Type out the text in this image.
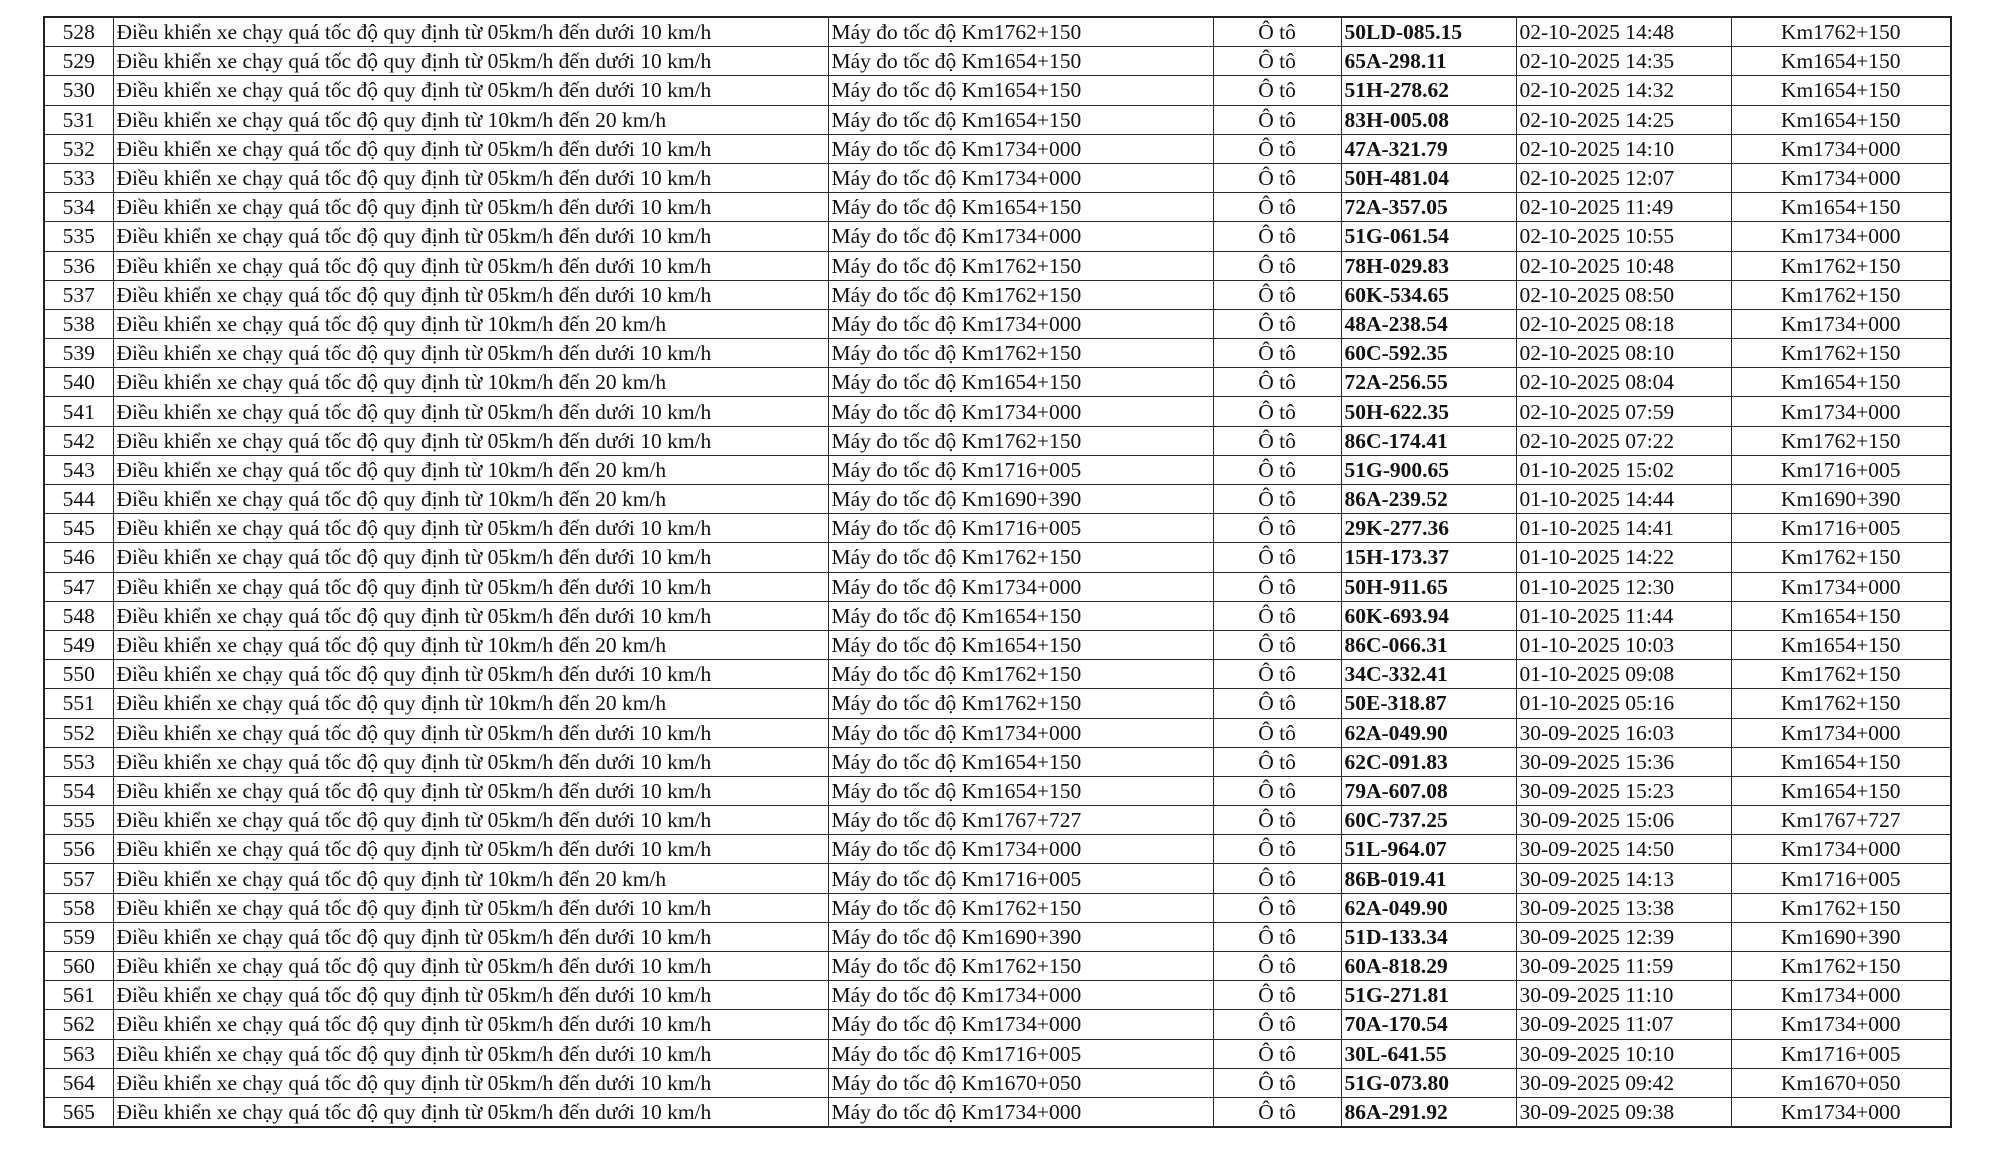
528	Điều khiển xe chạy quá tốc độ quy định từ 05km/h đến dưới 10 km/h	Máy đo tốc độ Km1762+150	Ô tô	50LD-085.15	02-10-2025 14:48	Km1762+150
529	Điều khiển xe chạy quá tốc độ quy định từ 05km/h đến dưới 10 km/h	Máy đo tốc độ Km1654+150	Ô tô	65A-298.11	02-10-2025 14:35	Km1654+150
530	Điều khiển xe chạy quá tốc độ quy định từ 05km/h đến dưới 10 km/h	Máy đo tốc độ Km1654+150	Ô tô	51H-278.62	02-10-2025 14:32	Km1654+150
531	Điều khiển xe chạy quá tốc độ quy định từ 10km/h đến 20 km/h	Máy đo tốc độ Km1654+150	Ô tô	83H-005.08	02-10-2025 14:25	Km1654+150
532	Điều khiển xe chạy quá tốc độ quy định từ 05km/h đến dưới 10 km/h	Máy đo tốc độ Km1734+000	Ô tô	47A-321.79	02-10-2025 14:10	Km1734+000
533	Điều khiển xe chạy quá tốc độ quy định từ 05km/h đến dưới 10 km/h	Máy đo tốc độ Km1734+000	Ô tô	50H-481.04	02-10-2025 12:07	Km1734+000
534	Điều khiển xe chạy quá tốc độ quy định từ 05km/h đến dưới 10 km/h	Máy đo tốc độ Km1654+150	Ô tô	72A-357.05	02-10-2025 11:49	Km1654+150
535	Điều khiển xe chạy quá tốc độ quy định từ 05km/h đến dưới 10 km/h	Máy đo tốc độ Km1734+000	Ô tô	51G-061.54	02-10-2025 10:55	Km1734+000
536	Điều khiển xe chạy quá tốc độ quy định từ 05km/h đến dưới 10 km/h	Máy đo tốc độ Km1762+150	Ô tô	78H-029.83	02-10-2025 10:48	Km1762+150
537	Điều khiển xe chạy quá tốc độ quy định từ 05km/h đến dưới 10 km/h	Máy đo tốc độ Km1762+150	Ô tô	60K-534.65	02-10-2025 08:50	Km1762+150
538	Điều khiển xe chạy quá tốc độ quy định từ 10km/h đến 20 km/h	Máy đo tốc độ Km1734+000	Ô tô	48A-238.54	02-10-2025 08:18	Km1734+000
539	Điều khiển xe chạy quá tốc độ quy định từ 05km/h đến dưới 10 km/h	Máy đo tốc độ Km1762+150	Ô tô	60C-592.35	02-10-2025 08:10	Km1762+150
540	Điều khiển xe chạy quá tốc độ quy định từ 10km/h đến 20 km/h	Máy đo tốc độ Km1654+150	Ô tô	72A-256.55	02-10-2025 08:04	Km1654+150
541	Điều khiển xe chạy quá tốc độ quy định từ 05km/h đến dưới 10 km/h	Máy đo tốc độ Km1734+000	Ô tô	50H-622.35	02-10-2025 07:59	Km1734+000
542	Điều khiển xe chạy quá tốc độ quy định từ 05km/h đến dưới 10 km/h	Máy đo tốc độ Km1762+150	Ô tô	86C-174.41	02-10-2025 07:22	Km1762+150
543	Điều khiển xe chạy quá tốc độ quy định từ 10km/h đến 20 km/h	Máy đo tốc độ Km1716+005	Ô tô	51G-900.65	01-10-2025 15:02	Km1716+005
544	Điều khiển xe chạy quá tốc độ quy định từ 10km/h đến 20 km/h	Máy đo tốc độ Km1690+390	Ô tô	86A-239.52	01-10-2025 14:44	Km1690+390
545	Điều khiển xe chạy quá tốc độ quy định từ 05km/h đến dưới 10 km/h	Máy đo tốc độ Km1716+005	Ô tô	29K-277.36	01-10-2025 14:41	Km1716+005
546	Điều khiển xe chạy quá tốc độ quy định từ 05km/h đến dưới 10 km/h	Máy đo tốc độ Km1762+150	Ô tô	15H-173.37	01-10-2025 14:22	Km1762+150
547	Điều khiển xe chạy quá tốc độ quy định từ 05km/h đến dưới 10 km/h	Máy đo tốc độ Km1734+000	Ô tô	50H-911.65	01-10-2025 12:30	Km1734+000
548	Điều khiển xe chạy quá tốc độ quy định từ 05km/h đến dưới 10 km/h	Máy đo tốc độ Km1654+150	Ô tô	60K-693.94	01-10-2025 11:44	Km1654+150
549	Điều khiển xe chạy quá tốc độ quy định từ 10km/h đến 20 km/h	Máy đo tốc độ Km1654+150	Ô tô	86C-066.31	01-10-2025 10:03	Km1654+150
550	Điều khiển xe chạy quá tốc độ quy định từ 05km/h đến dưới 10 km/h	Máy đo tốc độ Km1762+150	Ô tô	34C-332.41	01-10-2025 09:08	Km1762+150
551	Điều khiển xe chạy quá tốc độ quy định từ 10km/h đến 20 km/h	Máy đo tốc độ Km1762+150	Ô tô	50E-318.87	01-10-2025 05:16	Km1762+150
552	Điều khiển xe chạy quá tốc độ quy định từ 05km/h đến dưới 10 km/h	Máy đo tốc độ Km1734+000	Ô tô	62A-049.90	30-09-2025 16:03	Km1734+000
553	Điều khiển xe chạy quá tốc độ quy định từ 05km/h đến dưới 10 km/h	Máy đo tốc độ Km1654+150	Ô tô	62C-091.83	30-09-2025 15:36	Km1654+150
554	Điều khiển xe chạy quá tốc độ quy định từ 05km/h đến dưới 10 km/h	Máy đo tốc độ Km1654+150	Ô tô	79A-607.08	30-09-2025 15:23	Km1654+150
555	Điều khiển xe chạy quá tốc độ quy định từ 05km/h đến dưới 10 km/h	Máy đo tốc độ Km1767+727	Ô tô	60C-737.25	30-09-2025 15:06	Km1767+727
556	Điều khiển xe chạy quá tốc độ quy định từ 05km/h đến dưới 10 km/h	Máy đo tốc độ Km1734+000	Ô tô	51L-964.07	30-09-2025 14:50	Km1734+000
557	Điều khiển xe chạy quá tốc độ quy định từ 10km/h đến 20 km/h	Máy đo tốc độ Km1716+005	Ô tô	86B-019.41	30-09-2025 14:13	Km1716+005
558	Điều khiển xe chạy quá tốc độ quy định từ 05km/h đến dưới 10 km/h	Máy đo tốc độ Km1762+150	Ô tô	62A-049.90	30-09-2025 13:38	Km1762+150
559	Điều khiển xe chạy quá tốc độ quy định từ 05km/h đến dưới 10 km/h	Máy đo tốc độ Km1690+390	Ô tô	51D-133.34	30-09-2025 12:39	Km1690+390
560	Điều khiển xe chạy quá tốc độ quy định từ 05km/h đến dưới 10 km/h	Máy đo tốc độ Km1762+150	Ô tô	60A-818.29	30-09-2025 11:59	Km1762+150
561	Điều khiển xe chạy quá tốc độ quy định từ 05km/h đến dưới 10 km/h	Máy đo tốc độ Km1734+000	Ô tô	51G-271.81	30-09-2025 11:10	Km1734+000
562	Điều khiển xe chạy quá tốc độ quy định từ 05km/h đến dưới 10 km/h	Máy đo tốc độ Km1734+000	Ô tô	70A-170.54	30-09-2025 11:07	Km1734+000
563	Điều khiển xe chạy quá tốc độ quy định từ 05km/h đến dưới 10 km/h	Máy đo tốc độ Km1716+005	Ô tô	30L-641.55	30-09-2025 10:10	Km1716+005
564	Điều khiển xe chạy quá tốc độ quy định từ 05km/h đến dưới 10 km/h	Máy đo tốc độ Km1670+050	Ô tô	51G-073.80	30-09-2025 09:42	Km1670+050
565	Điều khiển xe chạy quá tốc độ quy định từ 05km/h đến dưới 10 km/h	Máy đo tốc độ Km1734+000	Ô tô	86A-291.92	30-09-2025 09:38	Km1734+000
